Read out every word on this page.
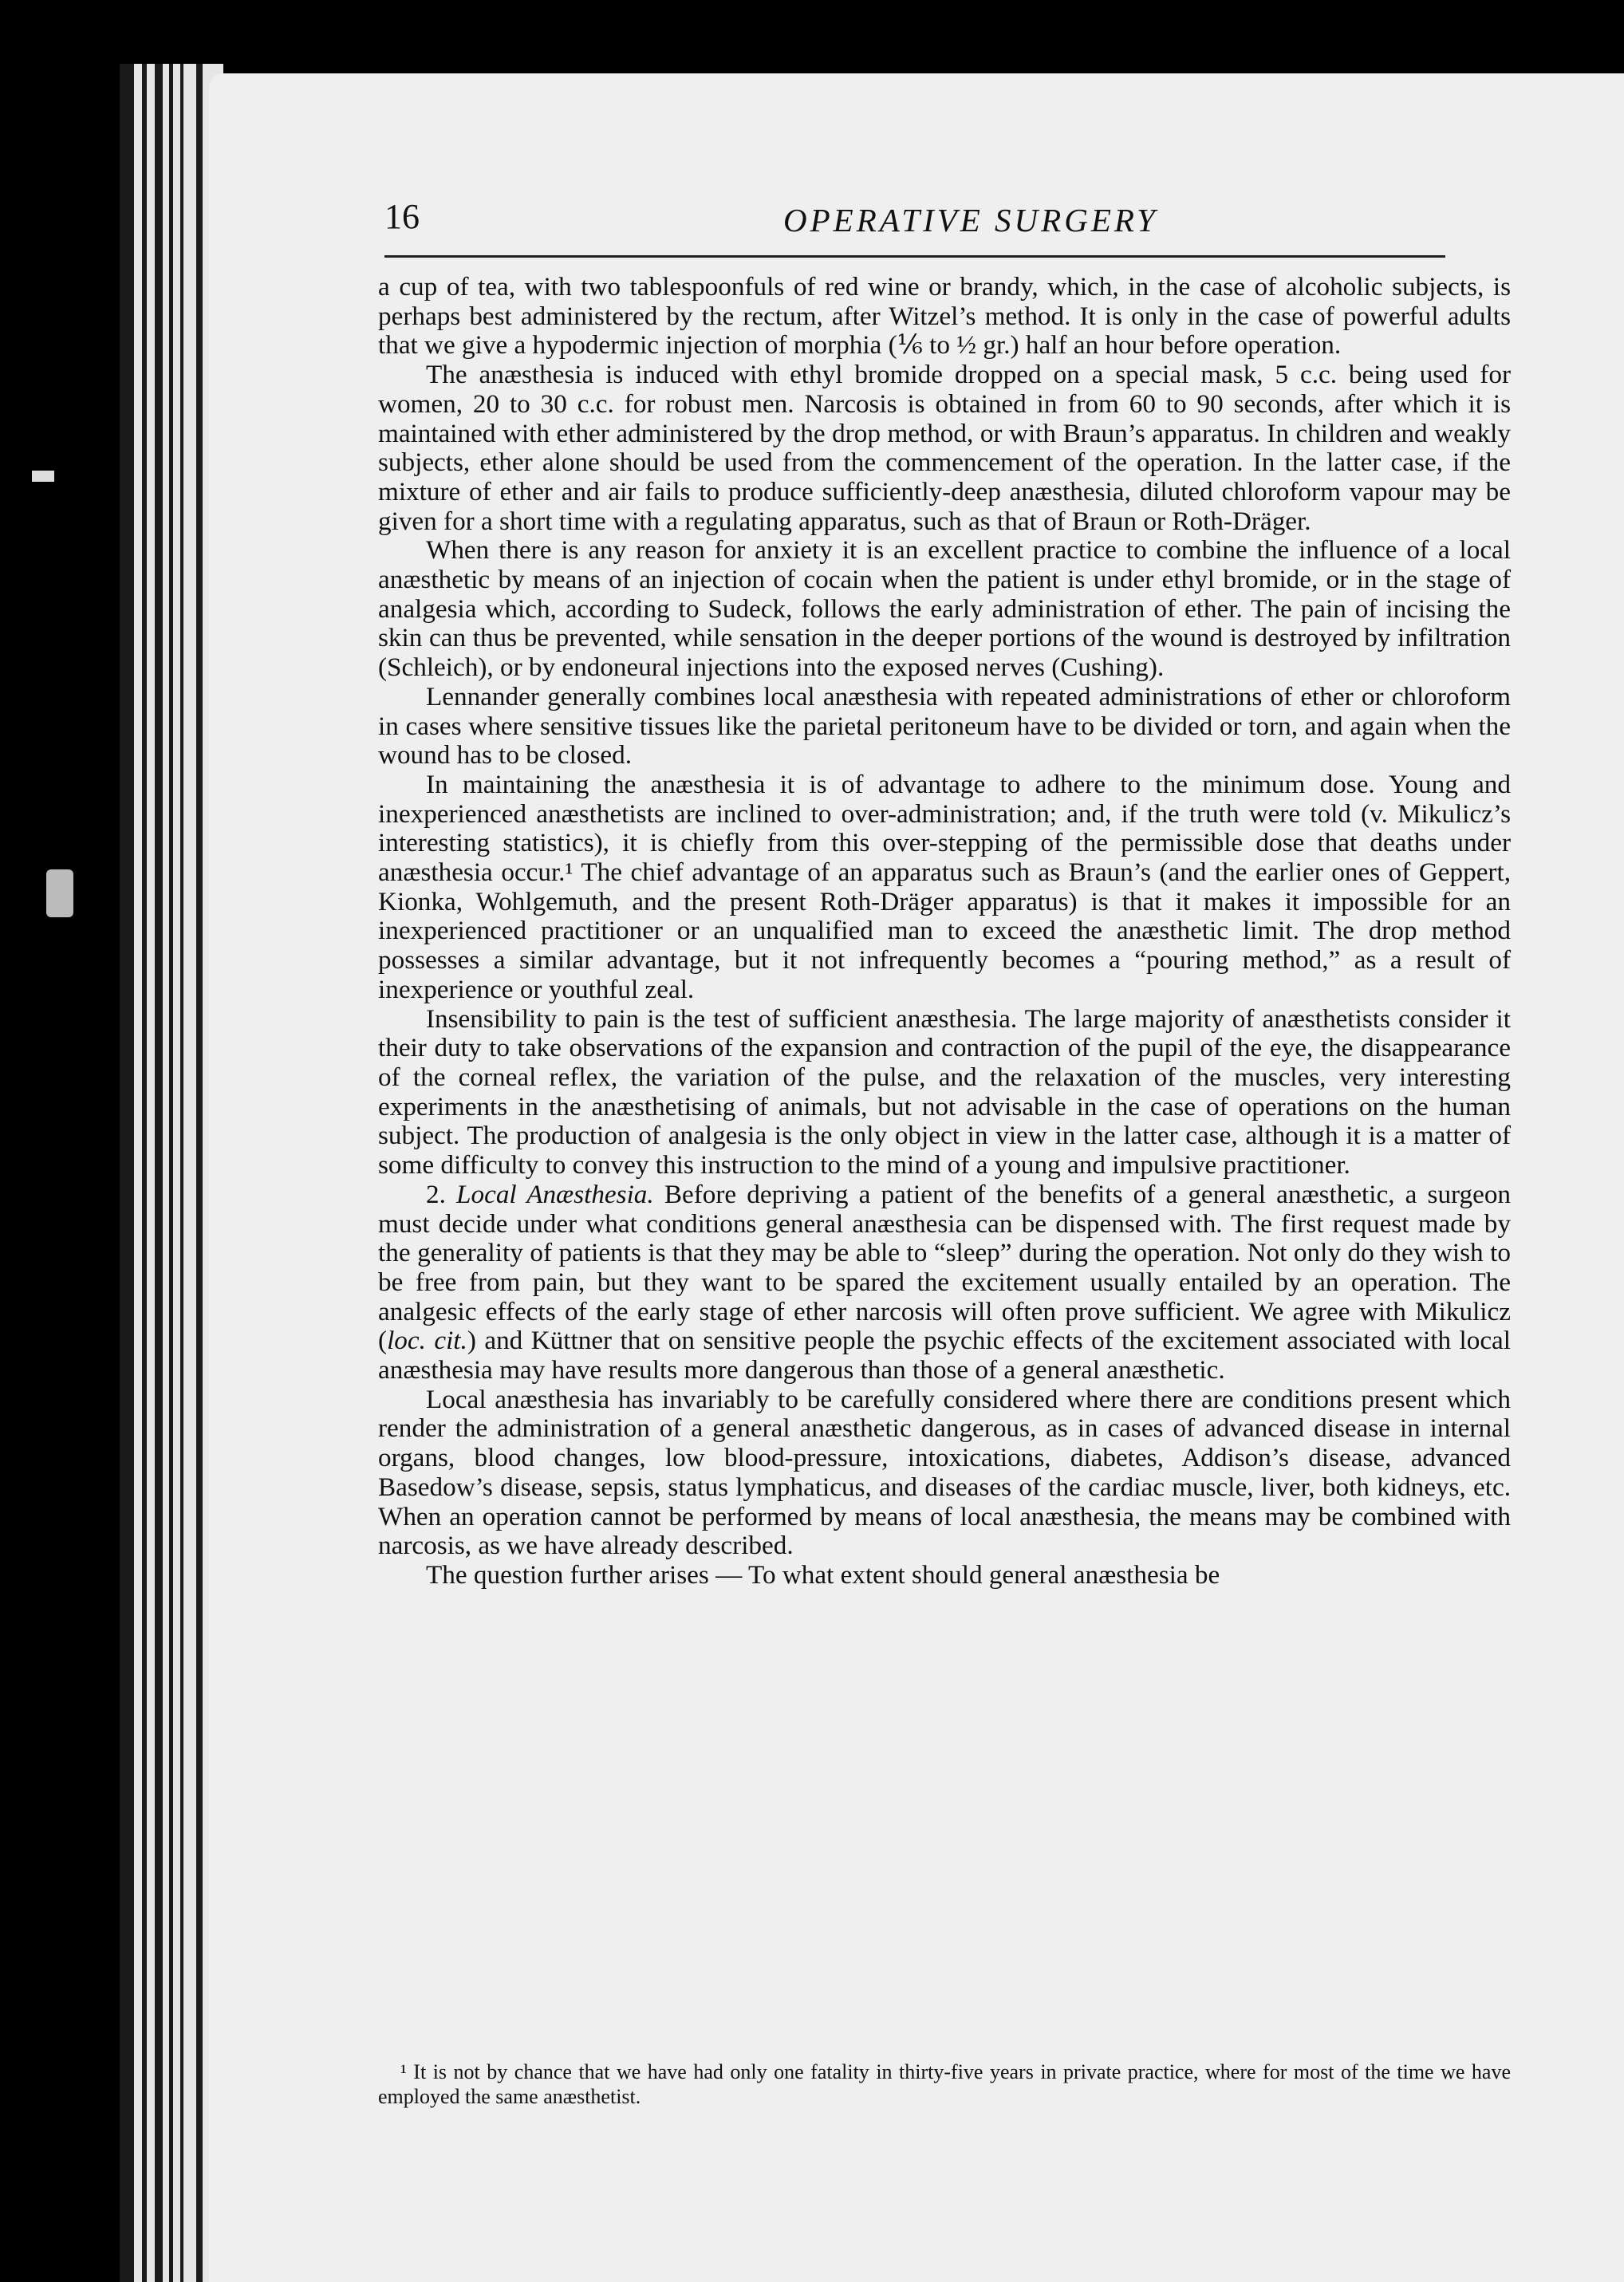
16	OPERATIVE SURGERY

a cup of tea, with two tablespoonfuls of red wine or brandy, which, in the case of alcoholic subjects, is perhaps best administered by the rectum, after Witzel’s method. It is only in the case of powerful adults that we give a hypodermic injection of morphia (⅙ to ½ gr.) half an hour before operation.

The anæsthesia is induced with ethyl bromide dropped on a special mask, 5 c.c. being used for women, 20 to 30 c.c. for robust men. Narcosis is obtained in from 60 to 90 seconds, after which it is maintained with ether administered by the drop method, or with Braun’s apparatus. In children and weakly subjects, ether alone should be used from the commencement of the operation. In the latter case, if the mixture of ether and air fails to produce sufficiently-deep anæsthesia, diluted chloroform vapour may be given for a short time with a regulating apparatus, such as that of Braun or Roth-Dräger.

When there is any reason for anxiety it is an excellent practice to combine the influence of a local anæsthetic by means of an injection of cocain when the patient is under ethyl bromide, or in the stage of analgesia which, according to Sudeck, follows the early administration of ether. The pain of incising the skin can thus be prevented, while sensation in the deeper portions of the wound is destroyed by infiltration (Schleich), or by endoneural injections into the exposed nerves (Cushing).

Lennander generally combines local anæsthesia with repeated administrations of ether or chloroform in cases where sensitive tissues like the parietal peritoneum have to be divided or torn, and again when the wound has to be closed.

In maintaining the anæsthesia it is of advantage to adhere to the minimum dose. Young and inexperienced anæsthetists are inclined to over-administration; and, if the truth were told (v. Mikulicz’s interesting statistics), it is chiefly from this over-stepping of the permissible dose that deaths under anæsthesia occur.¹ The chief advantage of an apparatus such as Braun’s (and the earlier ones of Geppert, Kionka, Wohlgemuth, and the present Roth-Dräger apparatus) is that it makes it impossible for an inexperienced practitioner or an unqualified man to exceed the anæsthetic limit. The drop method possesses a similar advantage, but it not infrequently becomes a “pouring method,” as a result of inexperience or youthful zeal.

Insensibility to pain is the test of sufficient anæsthesia. The large majority of anæsthetists consider it their duty to take observations of the expansion and contraction of the pupil of the eye, the disappearance of the corneal reflex, the variation of the pulse, and the relaxation of the muscles, very interesting experiments in the anæsthetising of animals, but not advisable in the case of operations on the human subject. The production of analgesia is the only object in view in the latter case, although it is a matter of some difficulty to convey this instruction to the mind of a young and impulsive practitioner.

2. Local Anæsthesia. Before depriving a patient of the benefits of a general anæsthetic, a surgeon must decide under what conditions general anæsthesia can be dispensed with. The first request made by the generality of patients is that they may be able to “sleep” during the operation. Not only do they wish to be free from pain, but they want to be spared the excitement usually entailed by an operation. The analgesic effects of the early stage of ether narcosis will often prove sufficient. We agree with Mikulicz (loc. cit.) and Küttner that on sensitive people the psychic effects of the excitement associated with local anæsthesia may have results more dangerous than those of a general anæsthetic.

Local anæsthesia has invariably to be carefully considered where there are conditions present which render the administration of a general anæsthetic dangerous, as in cases of advanced disease in internal organs, blood changes, low blood-pressure, intoxications, diabetes, Addison’s disease, advanced Basedow’s disease, sepsis, status lymphaticus, and diseases of the cardiac muscle, liver, both kidneys, etc. When an operation cannot be performed by means of local anæsthesia, the means may be combined with narcosis, as we have already described.

The question further arises — To what extent should general anæsthesia be

¹ It is not by chance that we have had only one fatality in thirty-five years in private practice, where for most of the time we have employed the same anæsthetist.
